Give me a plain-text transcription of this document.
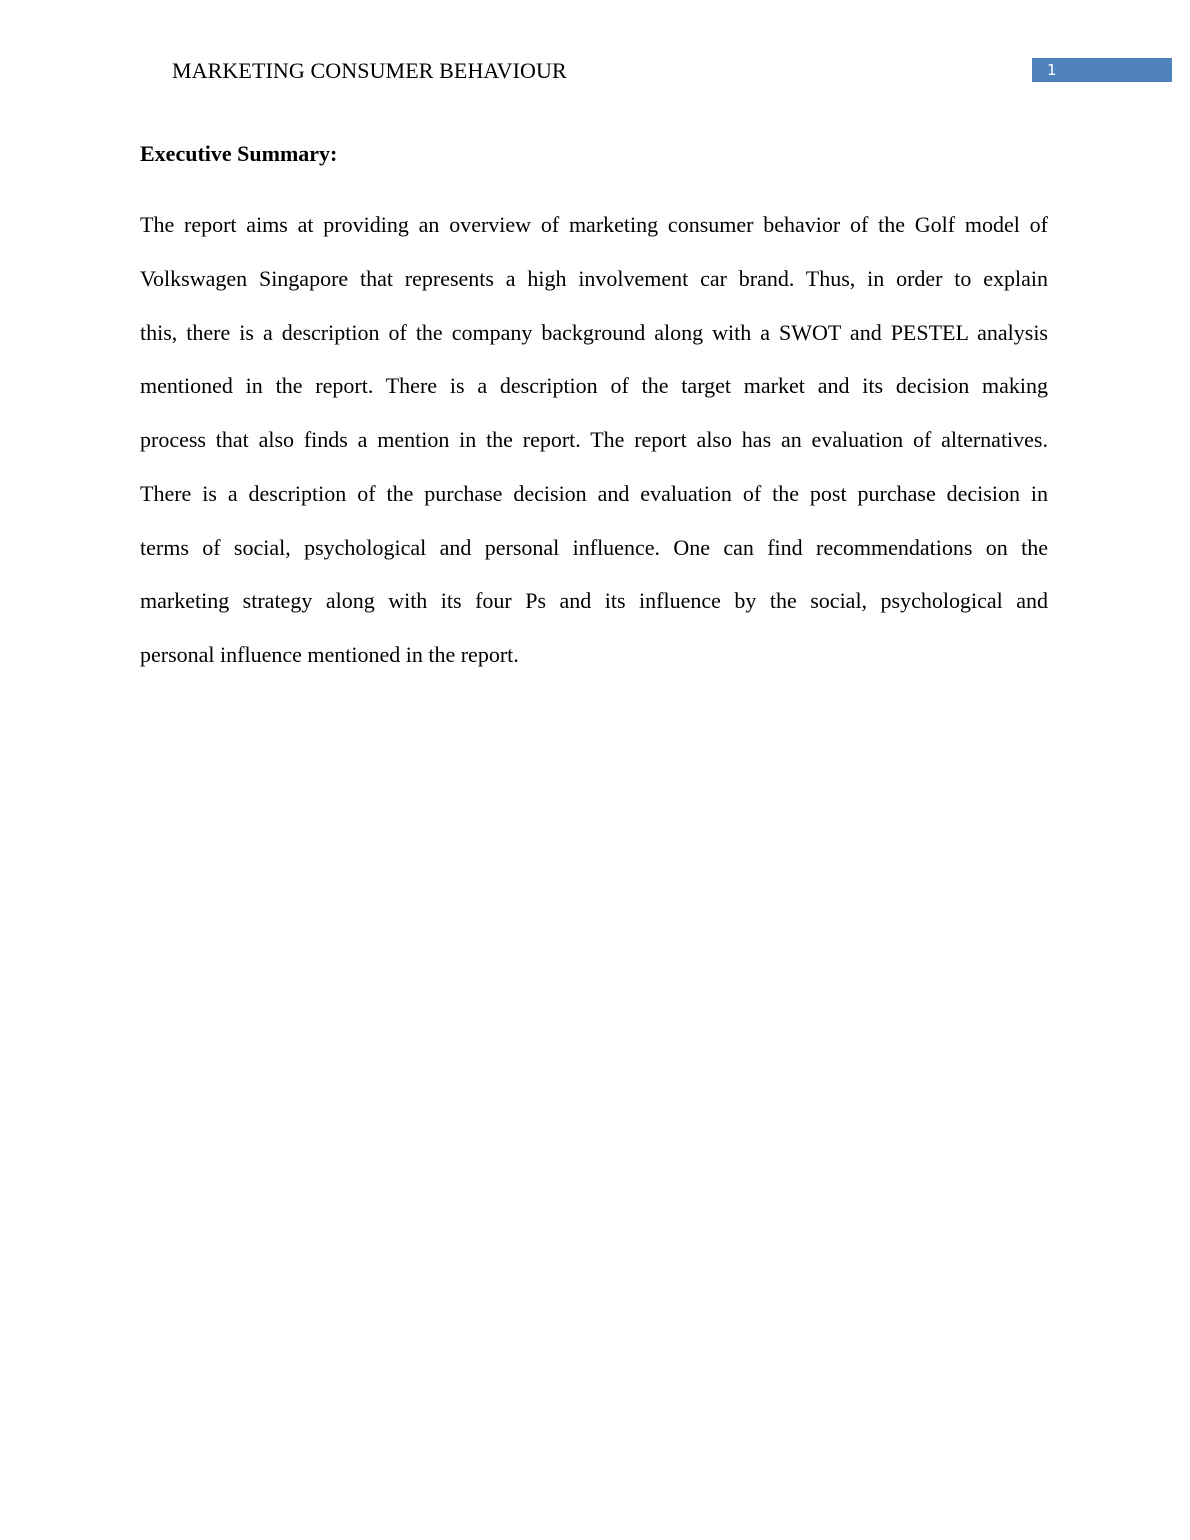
MARKETING CONSUMER BEHAVIOUR	1
Executive Summary:
The report aims at providing an overview of marketing consumer behavior of the Golf model of
Volkswagen Singapore that represents a high involvement car brand. Thus, in order to explain
this, there is a description of the company background along with a SWOT and PESTEL analysis
mentioned in the report. There is a description of the target market and its decision making
process that also finds a mention in the report. The report also has an evaluation of alternatives.
There is a description of the purchase decision and evaluation of the post purchase decision in
terms of social, psychological and personal influence. One can find recommendations on the
marketing strategy along with its four Ps and its influence by the social, psychological and
personal influence mentioned in the report.
